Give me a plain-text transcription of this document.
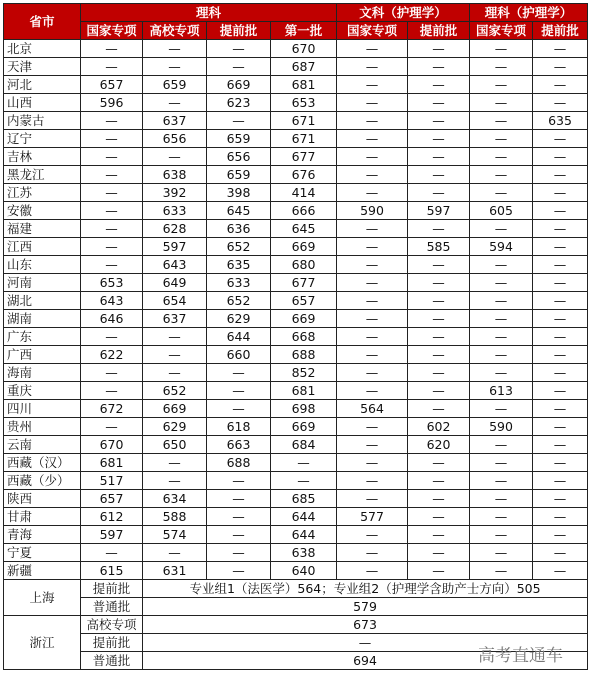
省市	理科				文科（护理学）		理科（护理学）	
	国家专项	高校专项	提前批	第一批	国家专项	提前批	国家专项	提前批
北京	—	—	—	670	—	—	—	—
天津	—	—	—	687	—	—	—	—
河北	657	659	669	681	—	—	—	—
山西	596	—	623	653	—	—	—	—
内蒙古	—	637	—	671	—	—	—	635
辽宁	—	656	659	671	—	—	—	—
吉林	—	—	656	677	—	—	—	—
黑龙江	—	638	659	676	—	—	—	—
江苏	—	392	398	414	—	—	—	—
安徽	—	633	645	666	590	597	605	—
福建	—	628	636	645	—	—	—	—
江西	—	597	652	669	—	585	594	—
山东	—	643	635	680	—	—	—	—
河南	653	649	633	677	—	—	—	—
湖北	643	654	652	657	—	—	—	—
湖南	646	637	629	669	—	—	—	—
广东	—	—	644	668	—	—	—	—
广西	622	—	660	688	—	—	—	—
海南	—	—	—	852	—	—	—	—
重庆	—	652	—	681	—	—	613	—
四川	672	669	—	698	564	—	—	—
贵州	—	629	618	669	—	602	590	—
云南	670	650	663	684	—	620	—	—
西藏（汉）	681	—	688	—	—	—	—	—
西藏（少）	517	—	—	—	—	—	—	—
陕西	657	634	—	685	—	—	—	—
甘肃	612	588	—	644	577	—	—	—
青海	597	574	—	644	—	—	—	—
宁夏	—	—	—	638	—	—	—	—
新疆	615	631	—	640	—	—	—	—
上海	提前批	专业组1（法医学）564；专业组2（护理学含助产士方向）505						
	普通批	579						
浙江	高校专项	673						
	提前批	—						
	普通批	694							高考直通车
